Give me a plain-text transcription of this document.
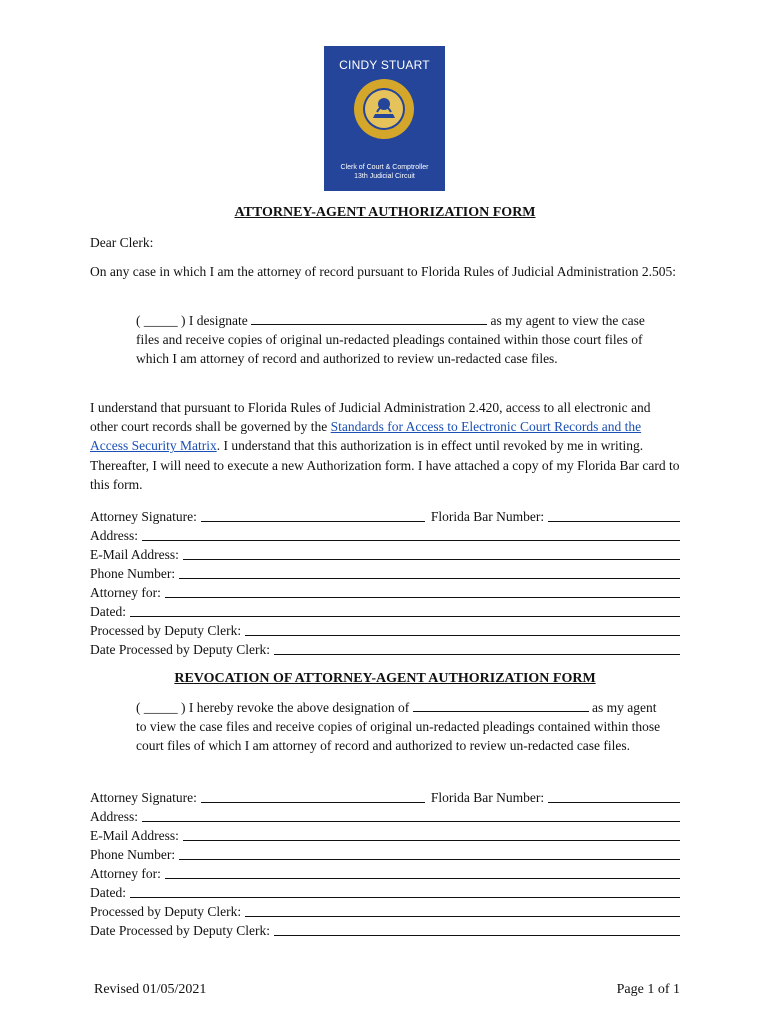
CINDY STUART
Clerk of Court & Comptroller
13th Judicial Circuit
ATTORNEY-AGENT AUTHORIZATION FORM

Dear Clerk:

On any case in which I am the attorney of record pursuant to Florida Rules of Judicial Administration 2.505:

( _____ ) I designate	as my agent to view the case files and receive copies of original un-redacted pleadings contained within those court files of which I am attorney of record and authorized to review un-redacted case files.

I understand that pursuant to Florida Rules of Judicial Administration 2.420, access to all electronic and other court records shall be governed by the Standards for Access to Electronic Court Records and the Access Security Matrix. I understand that this authorization is in effect until revoked by me in writing. Thereafter, I will need to execute a new Authorization form. I have attached a copy of my Florida Bar card to this form.

Attorney Signature:	Florida Bar Number:
Address:
E-Mail Address:
Phone Number:
Attorney for:
Dated:
Processed by Deputy Clerk:
Date Processed by Deputy Clerk:
REVOCATION OF ATTORNEY-AGENT AUTHORIZATION FORM

( _____ ) I hereby revoke the above designation of	as my agent to view the case files and receive copies of original un-redacted pleadings contained within those court files of which I am attorney of record and authorized to review un-redacted case files.

Attorney Signature:	Florida Bar Number:
Address:
E-Mail Address:
Phone Number:
Attorney for:
Dated:
Processed by Deputy Clerk:
Date Processed by Deputy Clerk:
Revised 01/05/2021	Page 1 of 1
